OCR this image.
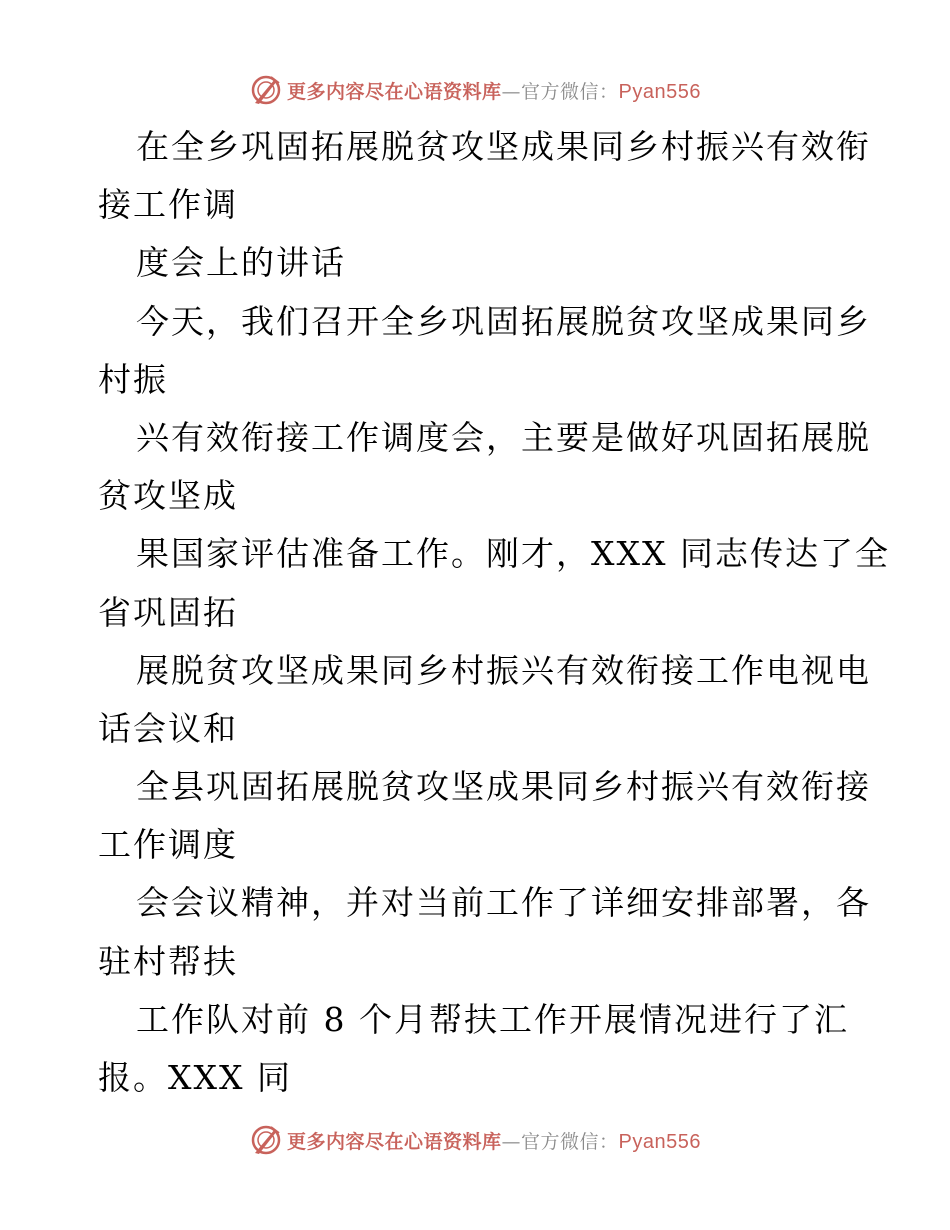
更多内容尽在心语资料库—官方微信：Pyan556
在全乡巩固拓展脱贫攻坚成果同乡村振兴有效衔
接工作调
度会上的讲话
今天，我们召开全乡巩固拓展脱贫攻坚成果同乡
村振
兴有效衔接工作调度会，主要是做好巩固拓展脱
贫攻坚成
果国家评估准备工作。刚才，XXX 同志传达了全
省巩固拓
展脱贫攻坚成果同乡村振兴有效衔接工作电视电
话会议和
全县巩固拓展脱贫攻坚成果同乡村振兴有效衔接
工作调度
会会议精神，并对当前工作了详细安排部署，各
驻村帮扶
工作队对前 8 个月帮扶工作开展情况进行了汇
报。XXX 同
更多内容尽在心语资料库—官方微信：Pyan556
